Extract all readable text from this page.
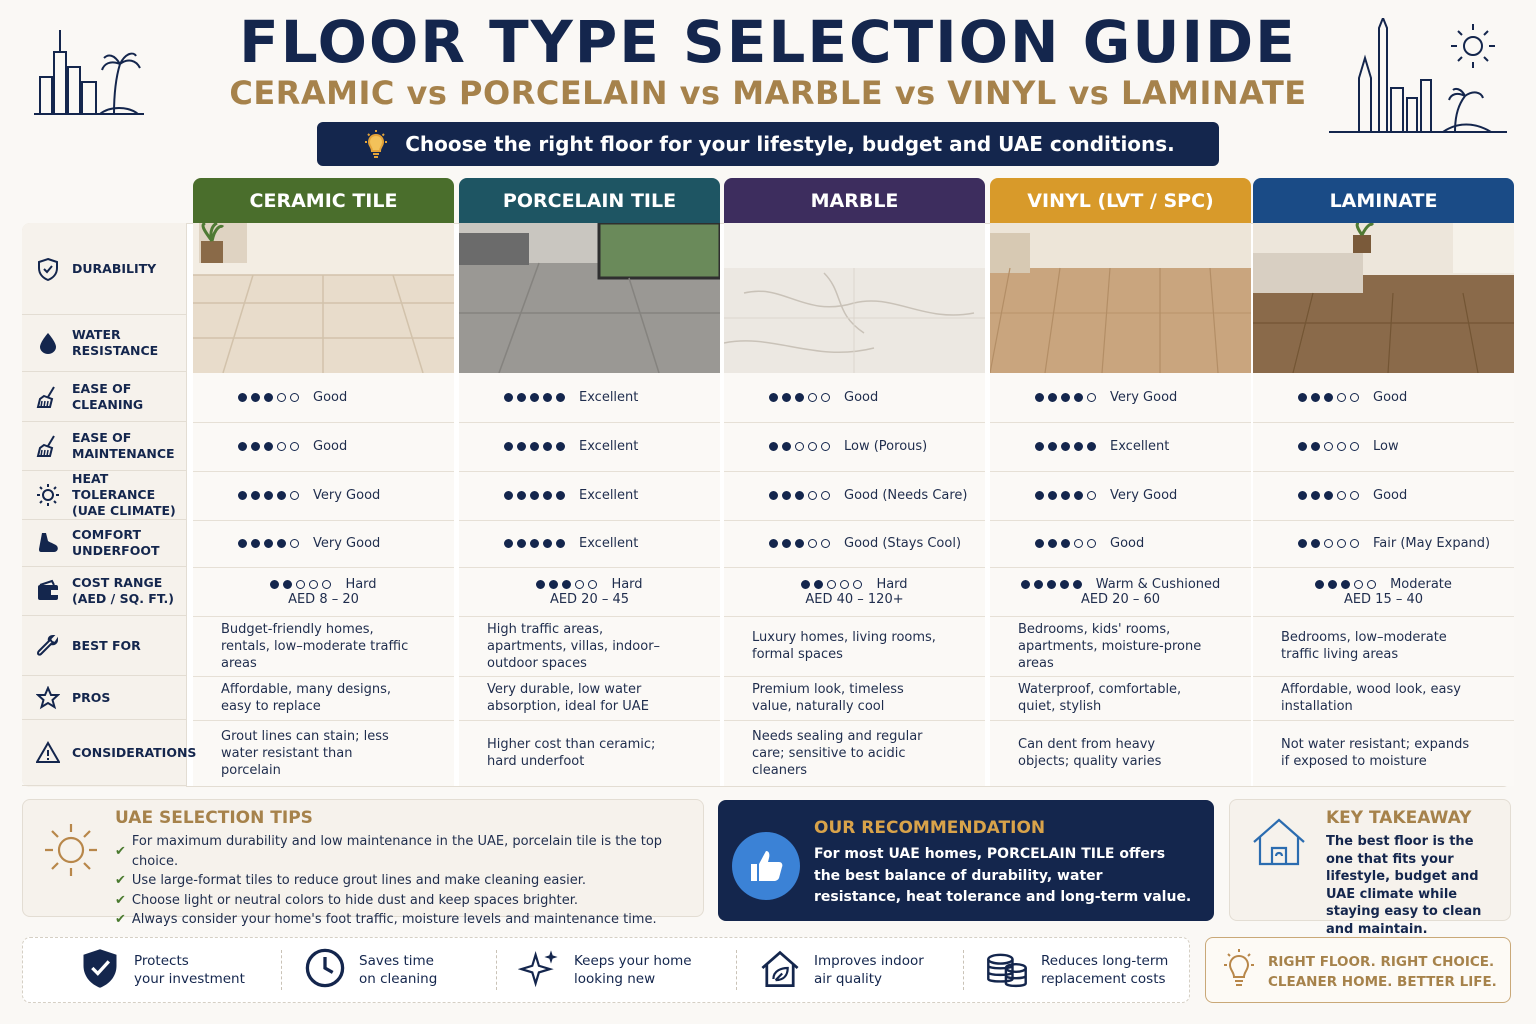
FLOOR TYPE SELECTION GUIDE
CERAMIC vs PORCELAIN vs MARBLE vs VINYL vs LAMINATE
Choose the right floor for your lifestyle, budget and UAE conditions.
CERAMIC TILE
Good
Good
Very Good
Very Good
Hard
AED 8 – 20
Budget-friendly homes, rentals, low–moderate traffic areas
Affordable, many designs, easy to replace
Grout lines can stain; less water resistant than porcelain
PORCELAIN TILE
Excellent
Excellent
Excellent
Excellent
Hard
AED 20 – 45
High traffic areas, apartments, villas, indoor–outdoor spaces
Very durable, low water absorption, ideal for UAE
Higher cost than ceramic; hard underfoot
MARBLE
Good
Low (Porous)
Good (Needs Care)
Good (Stays Cool)
Hard
AED 40 – 120+
Luxury homes, living rooms, formal spaces
Premium look, timeless value, naturally cool
Needs sealing and regular care; sensitive to acidic cleaners
VINYL (LVT / SPC)
Very Good
Excellent
Very Good
Good
Warm & Cushioned
AED 20 – 60
Bedrooms, kids' rooms, apartments, moisture-prone areas
Waterproof, comfortable, quiet, stylish
Can dent from heavy objects; quality varies
LAMINATE
Good
Low
Good
Fair (May Expand)
Moderate
AED 15 – 40
Bedrooms, low–moderate traffic living areas
Affordable, wood look, easy installation
Not water resistant; expands if exposed to moisture
DURABILITY
WATER RESISTANCE
EASE OF CLEANING
EASE OF MAINTENANCE
HEAT TOLERANCE (UAE CLIMATE)
COMFORT UNDERFOOT
COST RANGE (AED / SQ. FT.)
BEST FOR
PROS
CONSIDERATIONS
UAE SELECTION TIPS
✔
For maximum durability and low maintenance in the UAE, porcelain tile is the top choice.
✔ Use large-format tiles to reduce grout lines and make cleaning easier.
✔ Choose light or neutral colors to hide dust and keep spaces brighter.
✔ Always consider your home's foot traffic, moisture levels and maintenance time.
OUR RECOMMENDATION

For most UAE homes, PORCELAIN TILE offers the best balance of durability, water resistance, heat tolerance and long-term value.

KEY TAKEAWAY

The best floor is the one that fits your lifestyle, budget and UAE climate while staying easy to clean and maintain.

Protects
your investment
Saves time
on cleaning
Keeps your home
looking new
Improves indoor
air quality
Reduces long-term
replacement costs
RIGHT FLOOR. RIGHT CHOICE.
CLEANER HOME. BETTER LIFE.
